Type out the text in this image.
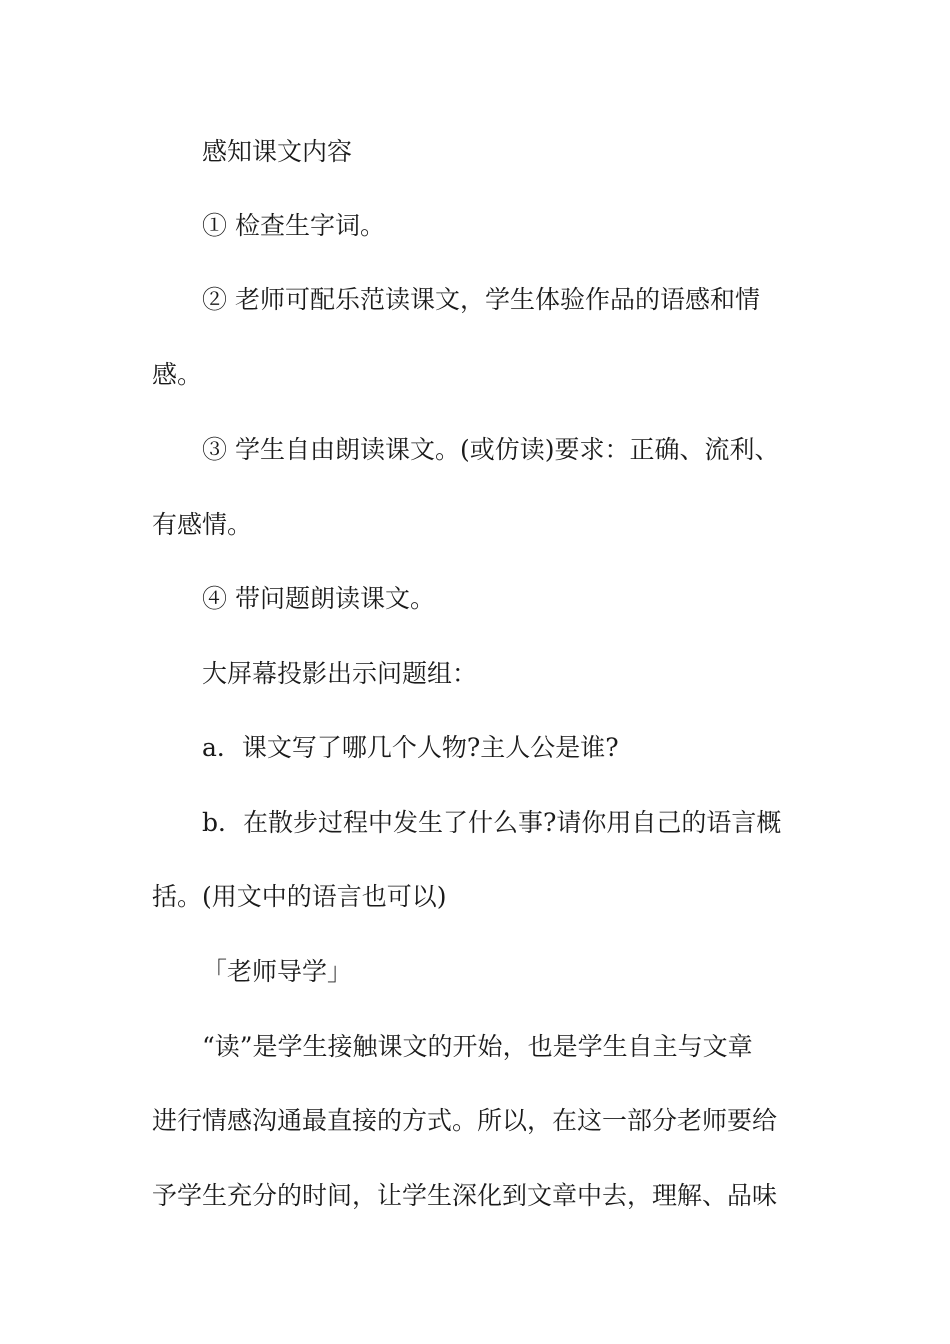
感知课文内容
① 检查生字词。
② 老师可配乐范读课文，学生体验作品的语感和情
感。
③ 学生自由朗读课文。(或仿读)要求：正确、流利、
有感情。
④ 带问题朗读课文。
大屏幕投影出示问题组：
a．课文写了哪几个人物?主人公是谁?
b．在散步过程中发生了什么事?请你用自己的语言概
括。(用文中的语言也可以)
「老师导学」
“读”是学生接触课文的开始，也是学生自主与文章
进行情感沟通最直接的方式。所以，在这一部分老师要给
予学生充分的时间，让学生深化到文章中去，理解、品味
